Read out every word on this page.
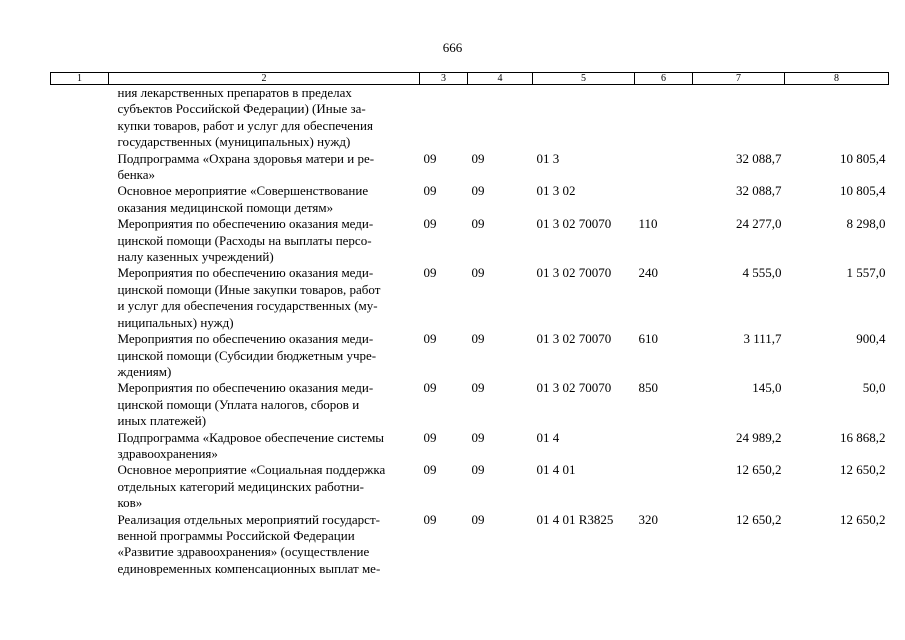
666
1	2	3	4	5	6	7	8

	ния лекарственных препаратов в пределах
субъектов Российской Федерации) (Иные за-
купки товаров, работ и услуг для обеспечения
государственных (муниципальных) нужд)						

	Подпрограмма «Охрана здоровья матери и ре-
бенка»	09	09	01 3		32 088,7	10 805,4

	Основное мероприятие «Совершенствование
оказания медицинской помощи детям»	09	09	01 3 02		32 088,7	10 805,4

	Мероприятия по обеспечению оказания меди-
цинской помощи (Расходы на выплаты персо-
налу казенных учреждений)	09	09	01 3 02 70070	110	24 277,0	8 298,0

	Мероприятия по обеспечению оказания меди-
цинской помощи (Иные закупки товаров, работ
и услуг для обеспечения государственных (му-
ниципальных) нужд)	09	09	01 3 02 70070	240	4 555,0	1 557,0

	Мероприятия по обеспечению оказания меди-
цинской помощи (Субсидии бюджетным учре-
ждениям)	09	09	01 3 02 70070	610	3 111,7	900,4

	Мероприятия по обеспечению оказания меди-
цинской помощи (Уплата налогов, сборов и
иных платежей)	09	09	01 3 02 70070	850	145,0	50,0

	Подпрограмма «Кадровое обеспечение системы
здравоохранения»	09	09	01 4		24 989,2	16 868,2

	Основное мероприятие «Социальная поддержка
отдельных категорий медицинских работни-
ков»	09	09	01 4 01		12 650,2	12 650,2

	Реализация отдельных мероприятий государст-
венной программы Российской Федерации
«Развитие здравоохранения» (осуществление
единовременных компенсационных выплат ме-	09	09	01 4 01 R3825	320	12 650,2	12 650,2
